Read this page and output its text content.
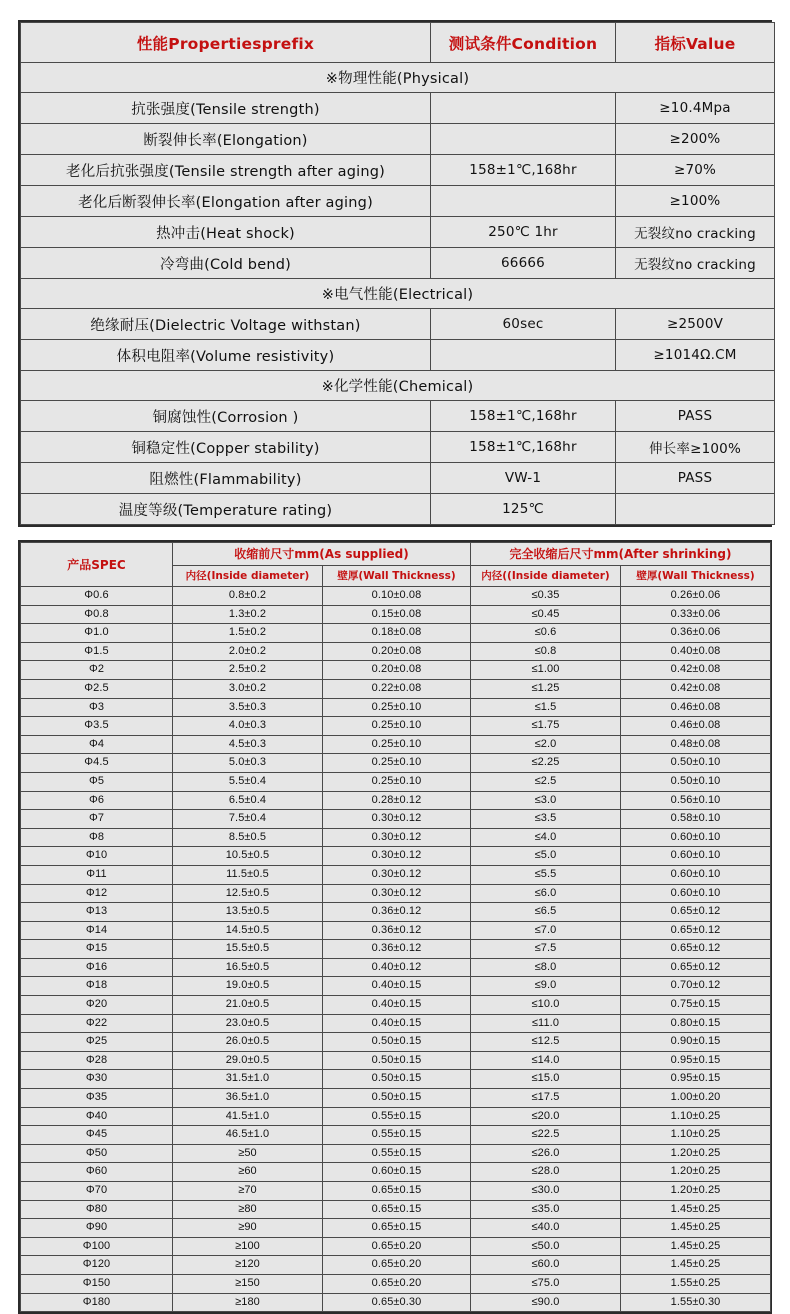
性能Propertiesprefix	测试条件Condition	指标Value
※物理性能(Physical)		
抗张强度(Tensile strength)		≥10.4Mpa
断裂伸长率(Elongation)		≥200%
老化后抗张强度(Tensile strength after aging)	158±1℃,168hr	≥70%
老化后断裂伸长率(Elongation after aging)		≥100%
热冲击(Heat shock)	250℃ 1hr	无裂纹no cracking
冷弯曲(Cold bend)	66666	无裂纹no cracking
※电气性能(Electrical)		
绝缘耐压(Dielectric Voltage withstan)	60sec	≥2500V
体积电阻率(Volume resistivity)		≥1014Ω.CM
※化学性能(Chemical)		
铜腐蚀性(Corrosion )	158±1℃,168hr	PASS
铜稳定性(Copper stability)	158±1℃,168hr	伸长率≥100%
阻燃性(Flammability)	VW-1	PASS
温度等级(Temperature rating)	125℃	
产品SPEC	收缩前尺寸mm(As supplied)		完全收缩后尺寸mm(After shrinking)	
	内径(Inside diameter)	壁厚(Wall Thickness)	内径((Inside diameter)	壁厚(Wall Thickness)
Φ0.6	0.8±0.2	0.10±0.08	≤0.35	0.26±0.06
Φ0.8	1.3±0.2	0.15±0.08	≤0.45	0.33±0.06
Φ1.0	1.5±0.2	0.18±0.08	≤0.6	0.36±0.06
Φ1.5	2.0±0.2	0.20±0.08	≤0.8	0.40±0.08
Φ2	2.5±0.2	0.20±0.08	≤1.00	0.42±0.08
Φ2.5	3.0±0.2	0.22±0.08	≤1.25	0.42±0.08
Φ3	3.5±0.3	0.25±0.10	≤1.5	0.46±0.08
Φ3.5	4.0±0.3	0.25±0.10	≤1.75	0.46±0.08
Φ4	4.5±0.3	0.25±0.10	≤2.0	0.48±0.08
Φ4.5	5.0±0.3	0.25±0.10	≤2.25	0.50±0.10
Φ5	5.5±0.4	0.25±0.10	≤2.5	0.50±0.10
Φ6	6.5±0.4	0.28±0.12	≤3.0	0.56±0.10
Φ7	7.5±0.4	0.30±0.12	≤3.5	0.58±0.10
Φ8	8.5±0.5	0.30±0.12	≤4.0	0.60±0.10
Φ10	10.5±0.5	0.30±0.12	≤5.0	0.60±0.10
Φ11	11.5±0.5	0.30±0.12	≤5.5	0.60±0.10
Φ12	12.5±0.5	0.30±0.12	≤6.0	0.60±0.10
Φ13	13.5±0.5	0.36±0.12	≤6.5	0.65±0.12
Φ14	14.5±0.5	0.36±0.12	≤7.0	0.65±0.12
Φ15	15.5±0.5	0.36±0.12	≤7.5	0.65±0.12
Φ16	16.5±0.5	0.40±0.12	≤8.0	0.65±0.12
Φ18	19.0±0.5	0.40±0.15	≤9.0	0.70±0.12
Φ20	21.0±0.5	0.40±0.15	≤10.0	0.75±0.15
Φ22	23.0±0.5	0.40±0.15	≤11.0	0.80±0.15
Φ25	26.0±0.5	0.50±0.15	≤12.5	0.90±0.15
Φ28	29.0±0.5	0.50±0.15	≤14.0	0.95±0.15
Φ30	31.5±1.0	0.50±0.15	≤15.0	0.95±0.15
Φ35	36.5±1.0	0.50±0.15	≤17.5	1.00±0.20
Φ40	41.5±1.0	0.55±0.15	≤20.0	1.10±0.25
Φ45	46.5±1.0	0.55±0.15	≤22.5	1.10±0.25
Φ50	≥50	0.55±0.15	≤26.0	1.20±0.25
Φ60	≥60	0.60±0.15	≤28.0	1.20±0.25
Φ70	≥70	0.65±0.15	≤30.0	1.20±0.25
Φ80	≥80	0.65±0.15	≤35.0	1.45±0.25
Φ90	≥90	0.65±0.15	≤40.0	1.45±0.25
Φ100	≥100	0.65±0.20	≤50.0	1.45±0.25
Φ120	≥120	0.65±0.20	≤60.0	1.45±0.25
Φ150	≥150	0.65±0.20	≤75.0	1.55±0.25
Φ180	≥180	0.65±0.30	≤90.0	1.55±0.30
